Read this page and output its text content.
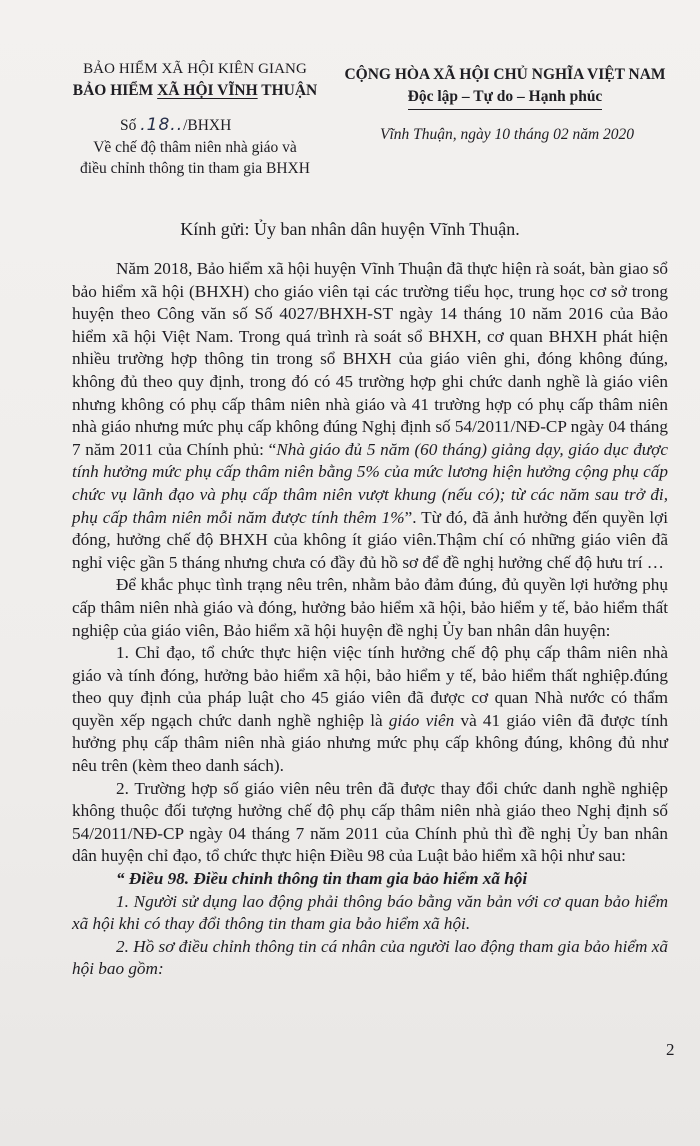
BẢO HIỂM XÃ HỘI KIÊN GIANG
BẢO HIỂM XÃ HỘI VĨNH THUẬN
Số .18../BHXH
Về chế độ thâm niên nhà giáo và
điều chỉnh thông tin tham gia BHXH
CỘNG HÒA XÃ HỘI CHỦ NGHĨA VIỆT NAM
Độc lập – Tự do – Hạnh phúc
Vĩnh Thuận, ngày 10 tháng 02 năm 2020
Kính gửi: Ủy ban nhân dân huyện Vĩnh Thuận.

Năm 2018, Bảo hiểm xã hội huyện Vĩnh Thuận đã thực hiện rà soát, bàn giao sổ bảo hiểm xã hội (BHXH) cho giáo viên tại các trường tiểu học, trung học cơ sở trong huyện theo Công văn số Số 4027/BHXH-ST ngày 14 tháng 10 năm 2016 của Bảo hiểm xã hội Việt Nam. Trong quá trình rà soát sổ BHXH, cơ quan BHXH phát hiện nhiều trường hợp thông tin trong sổ BHXH của giáo viên ghi, đóng không đúng, không đủ theo quy định, trong đó có 45 trường hợp ghi chức danh nghề là giáo viên nhưng không có phụ cấp thâm niên nhà giáo và 41 trường hợp có phụ cấp thâm niên nhà giáo nhưng mức phụ cấp không đúng Nghị định số 54/2011/NĐ-CP ngày 04 tháng 7 năm 2011 của Chính phủ: “Nhà giáo đủ 5 năm (60 tháng) giảng dạy, giáo dục được tính hưởng mức phụ cấp thâm niên bằng 5% của mức lương hiện hưởng cộng phụ cấp chức vụ lãnh đạo và phụ cấp thâm niên vượt khung (nếu có); từ các năm sau trở đi, phụ cấp thâm niên mỗi năm được tính thêm 1%”. Từ đó, đã ảnh hưởng đến quyền lợi đóng, hưởng chế độ BHXH của không ít giáo viên.Thậm chí có những giáo viên đã nghỉ việc gần 5 tháng nhưng chưa có đầy đủ hồ sơ để đề nghị hưởng chế độ hưu trí …

Để khắc phục tình trạng nêu trên, nhằm bảo đảm đúng, đủ quyền lợi hưởng phụ cấp thâm niên nhà giáo và đóng, hưởng bảo hiểm xã hội, bảo hiểm y tế, bảo hiểm thất nghiệp của giáo viên, Bảo hiểm xã hội huyện đề nghị Ủy ban nhân dân huyện:

1. Chỉ đạo, tổ chức thực hiện việc tính hưởng chế độ phụ cấp thâm niên nhà giáo và tính đóng, hưởng bảo hiểm xã hội, bảo hiểm y tế, bảo hiểm thất nghiệp.đúng theo quy định của pháp luật cho 45 giáo viên đã được cơ quan Nhà nước có thẩm quyền xếp ngạch chức danh nghề nghiệp là giáo viên và 41 giáo viên đã được tính hưởng phụ cấp thâm niên nhà giáo nhưng mức phụ cấp không đúng, không đủ như nêu trên (kèm theo danh sách).

2. Trường hợp số giáo viên nêu trên đã được thay đổi chức danh nghề nghiệp không thuộc đối tượng hưởng chế độ phụ cấp thâm niên nhà giáo theo Nghị định số 54/2011/NĐ-CP ngày 04 tháng 7 năm 2011 của Chính phủ thì đề nghị Ủy ban nhân dân huyện chỉ đạo, tổ chức thực hiện Điều 98 của Luật bảo hiểm xã hội như sau:

“ Điều 98. Điều chỉnh thông tin tham gia bảo hiểm xã hội

1. Người sử dụng lao động phải thông báo bằng văn bản với cơ quan bảo hiểm xã hội khi có thay đổi thông tin tham gia bảo hiểm xã hội.

2. Hồ sơ điều chỉnh thông tin cá nhân của người lao động tham gia bảo hiểm xã hội bao gồm:

2
